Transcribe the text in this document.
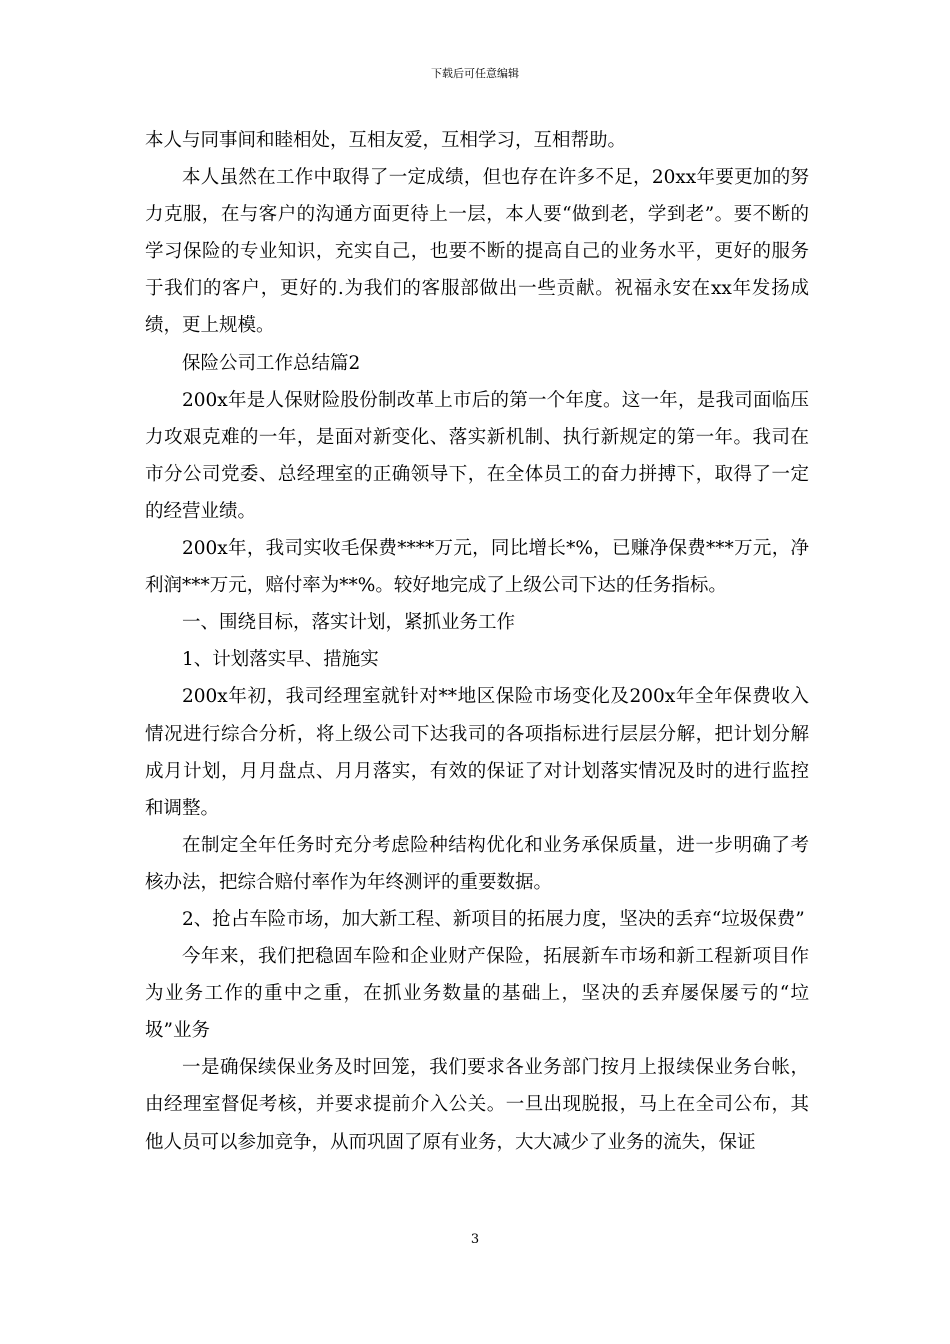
下载后可任意编辑

本人与同事间和睦相处，互相友爱，互相学习，互相帮助。

本人虽然在工作中取得了一定成绩，但也存在许多不足，20xx年要更加的努力克服，在与客户的沟通方面更待上一层，本人要“做到老，学到老”。要不断的学习保险的专业知识，充实自己，也要不断的提高自己的业务水平，更好的服务于我们的客户，更好的.为我们的客服部做出一些贡献。祝福永安在xx年发扬成绩，更上规模。

保险公司工作总结篇2

200x年是人保财险股份制改革上市后的第一个年度。这一年，是我司面临压力攻艰克难的一年，是面对新变化、落实新机制、执行新规定的第一年。我司在市分公司党委、总经理室的正确领导下，在全体员工的奋力拼搏下，取得了一定的经营业绩。

200x年，我司实收毛保费****万元，同比增长*%，已赚净保费***万元，净利润***万元，赔付率为**%。较好地完成了上级公司下达的任务指标。

一、围绕目标，落实计划，紧抓业务工作

1、计划落实早、措施实

200x年初，我司经理室就针对**地区保险市场变化及200x年全年保费收入情况进行综合分析，将上级公司下达我司的各项指标进行层层分解，把计划分解成月计划，月月盘点、月月落实，有效的保证了对计划落实情况及时的进行监控和调整。

在制定全年任务时充分考虑险种结构优化和业务承保质量，进一步明确了考核办法，把综合赔付率作为年终测评的重要数据。

2、抢占车险市场，加大新工程、新项目的拓展力度，坚决的丢弃“垃圾保费”

今年来，我们把稳固车险和企业财产保险，拓展新车市场和新工程新项目作为业务工作的重中之重，在抓业务数量的基础上，坚决的丢弃屡保屡亏的“垃圾”业务

一是确保续保业务及时回笼，我们要求各业务部门按月上报续保业务台帐，由经理室督促考核，并要求提前介入公关。一旦出现脱报，马上在全司公布，其他人员可以参加竞争，从而巩固了原有业务，大大减少了业务的流失，保证

3
